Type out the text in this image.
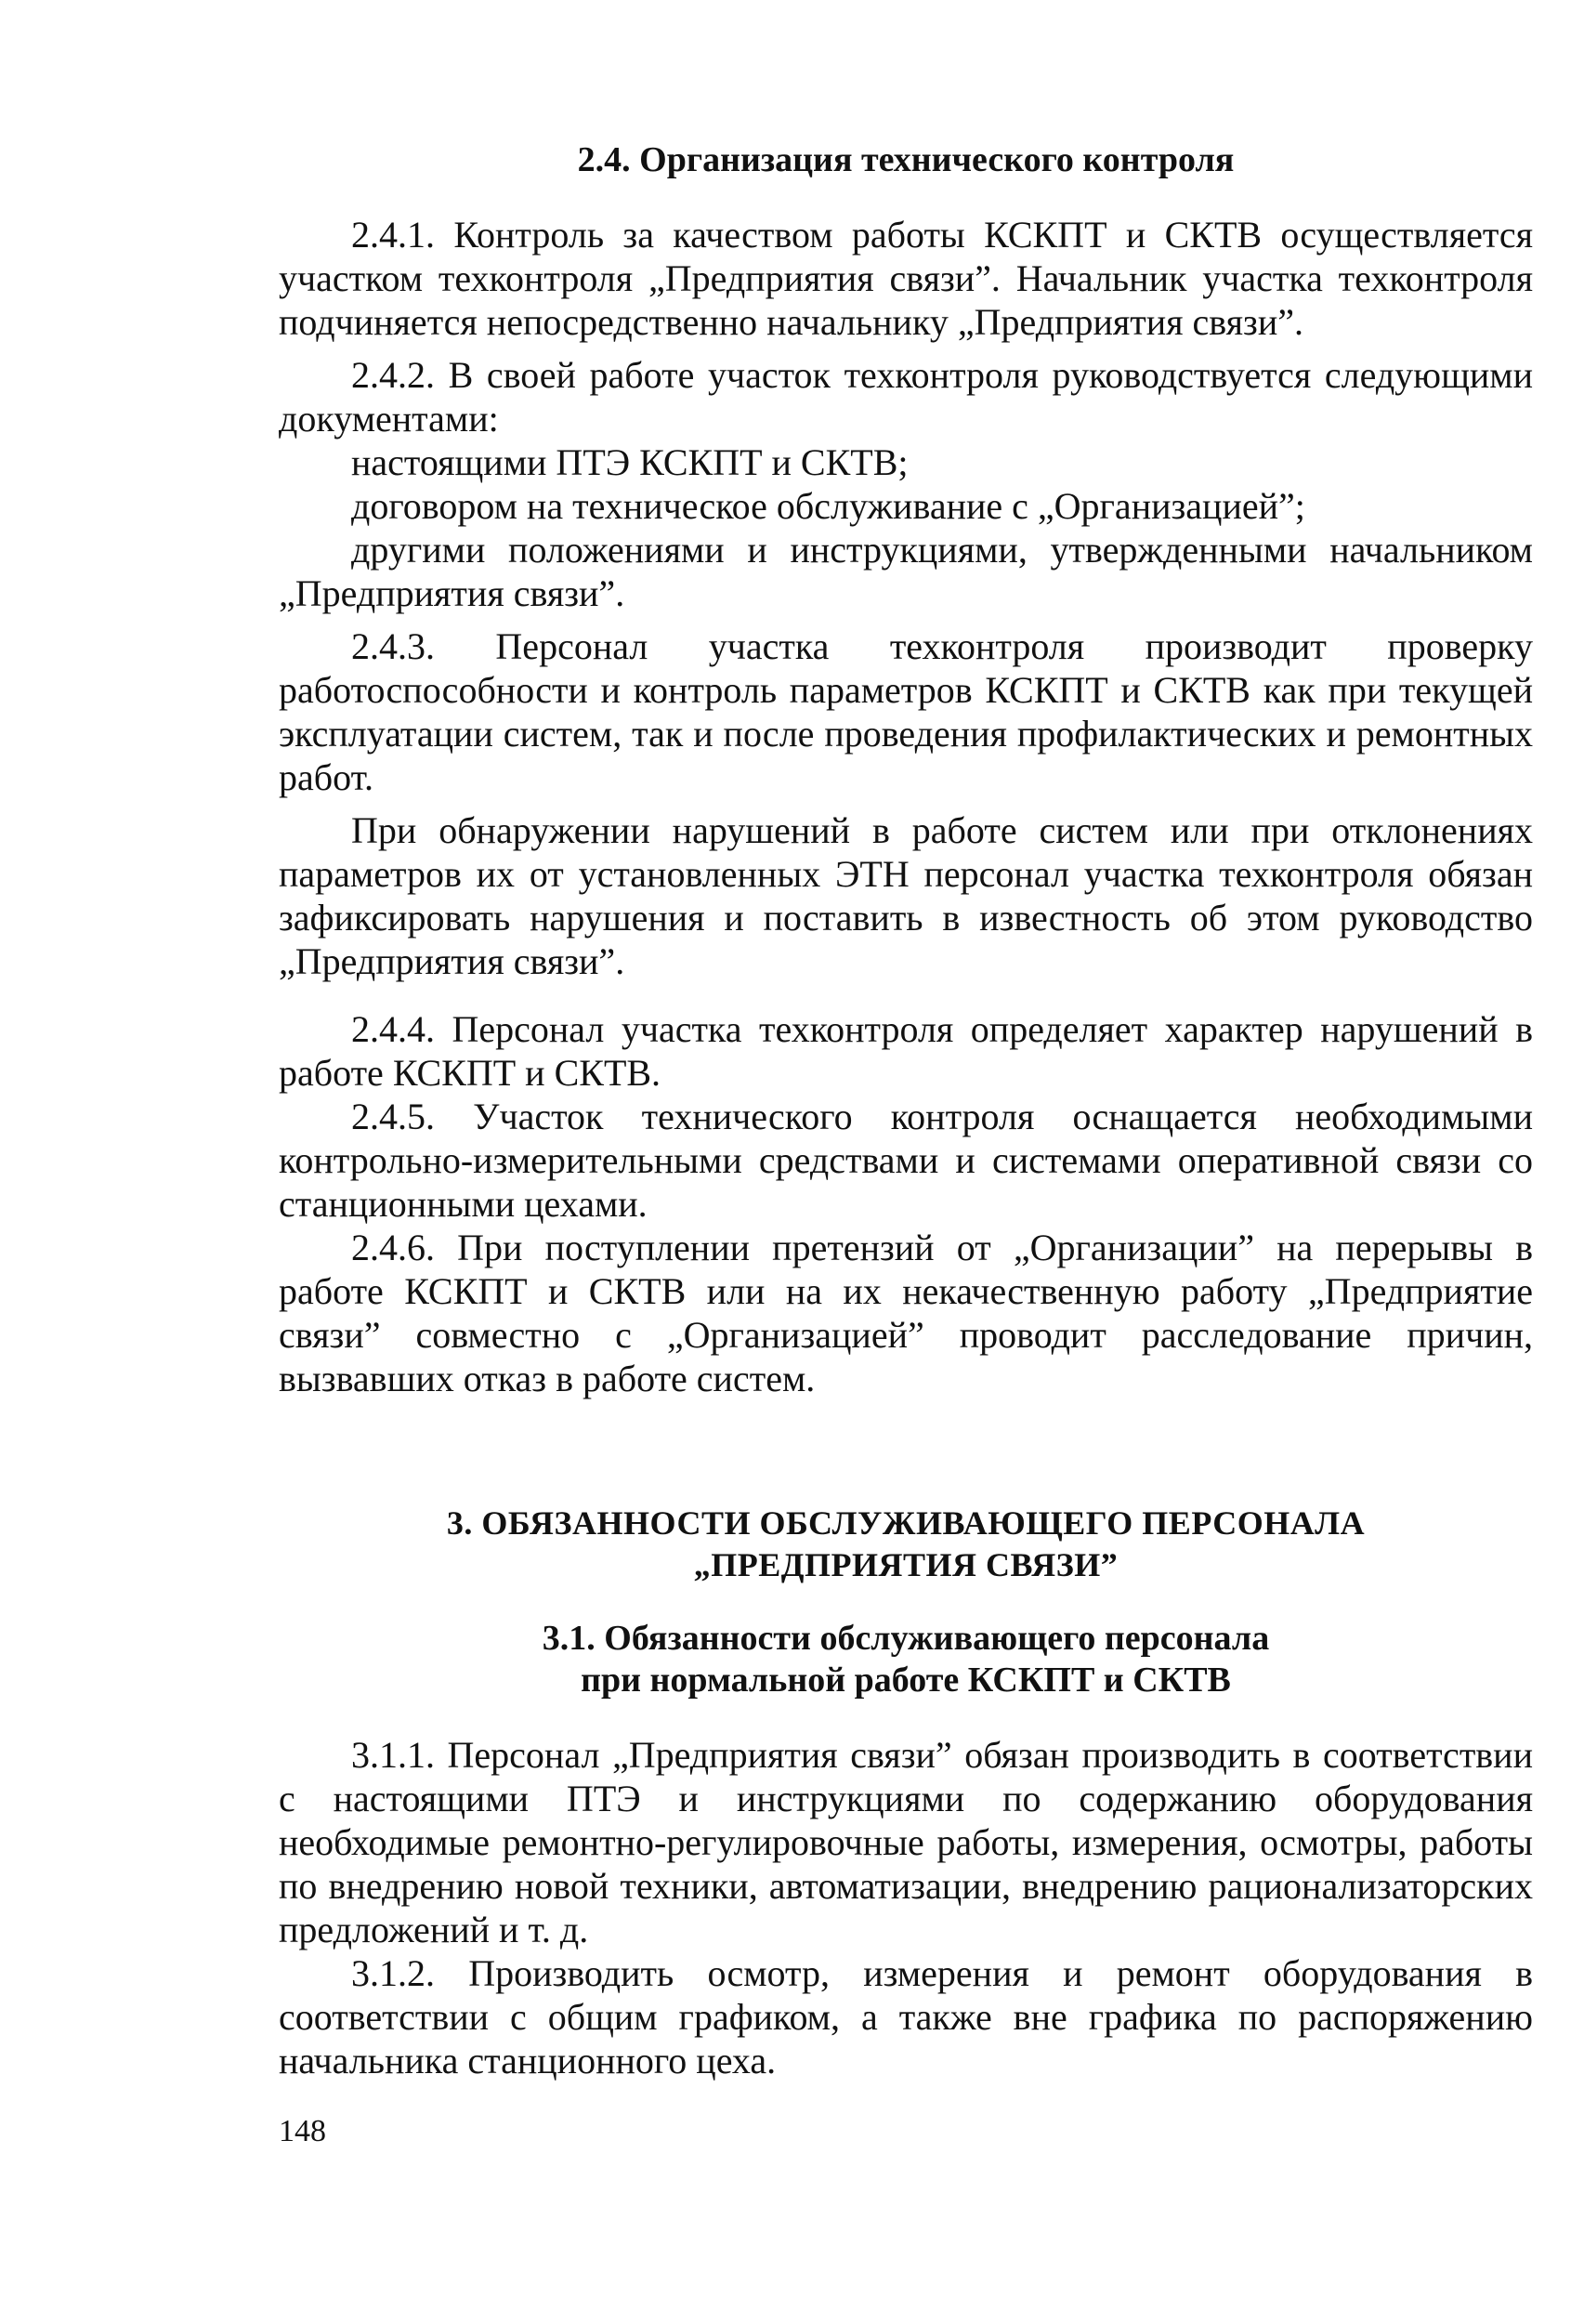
2.4. Организация технического контроля

2.4.1. Контроль за качеством работы КСКПТ и СКТВ осуществляется участком техконтроля „Предприятия связи”. Начальник участка техконтроля подчиняется непосредственно начальнику „Предприятия связи”.

2.4.2. В своей работе участок техконтроля руководствуется следующими документами:

настоящими ПТЭ КСКПТ и СКТВ;

договором на техническое обслуживание с „Организацией”;

другими положениями и инструкциями, утвержденными начальником „Предприятия связи”.

2.4.3. Персонал участка техконтроля производит проверку работоспособности и контроль параметров КСКПТ и СКТВ как при текущей эксплуатации систем, так и после проведения профилактических и ремонтных работ.

При обнаружении нарушений в работе систем или при отклонениях параметров их от установленных ЭТН персонал участка техконтроля обязан зафиксировать нарушения и поставить в известность об этом руководство „Предприятия связи”.

2.4.4. Персонал участка техконтроля определяет характер нарушений в работе КСКПТ и СКТВ.

2.4.5. Участок технического контроля оснащается необходимыми контрольно-измерительными средствами и системами оперативной связи со станционными цехами.

2.4.6. При поступлении претензий от „Организации” на перерывы в работе КСКПТ и СКТВ или на их некачественную работу „Предприятие связи” совместно с „Организацией” проводит расследование причин, вызвавших отказ в работе систем.

3. ОБЯЗАННОСТИ ОБСЛУЖИВАЮЩЕГО ПЕРСОНАЛА
„ПРЕДПРИЯТИЯ СВЯЗИ”
3.1. Обязанности обслуживающего персонала
при нормальной работе КСКПТ и СКТВ

3.1.1. Персонал „Предприятия связи” обязан производить в соответствии с настоящими ПТЭ и инструкциями по содержанию оборудования необходимые ремонтно-регулировочные работы, измерения, осмотры, работы по внедрению новой техники, автоматизации, внедрению рационализаторских предложений и т. д.

3.1.2. Производить осмотр, измерения и ремонт оборудования в соответствии с общим графиком, а также вне графика по распоряжению начальника станционного цеха.

148
